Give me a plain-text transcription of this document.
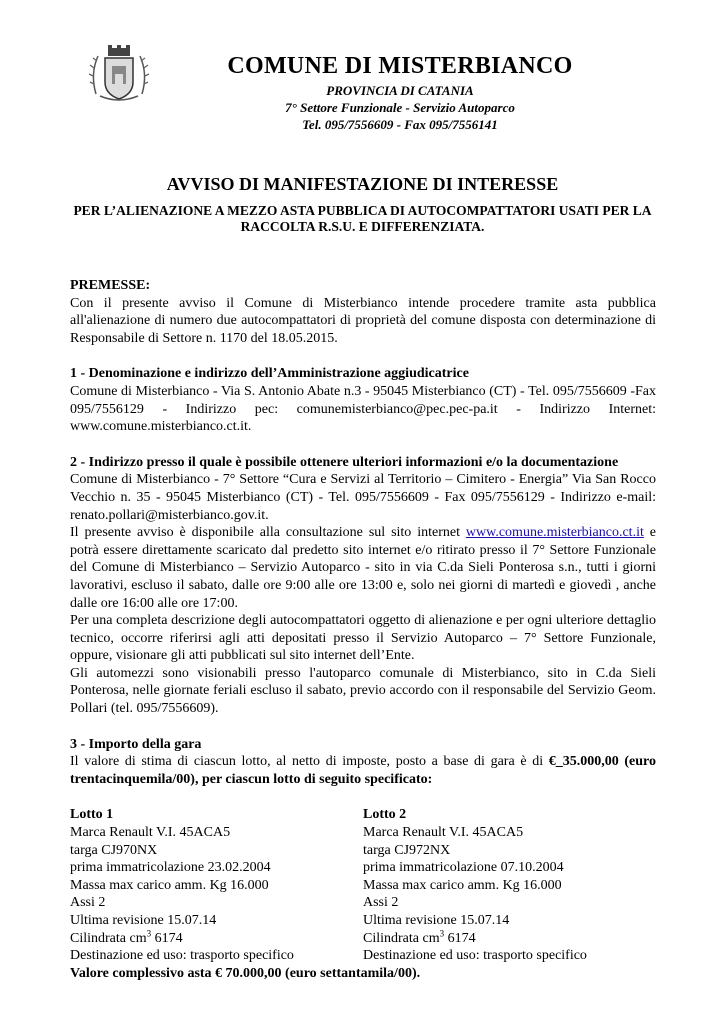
COMUNE DI MISTERBIANCO
PROVINCIA DI CATANIA
7° Settore Funzionale - Servizio Autoparco
Tel. 095/7556609 - Fax 095/7556141
AVVISO DI MANIFESTAZIONE DI INTERESSE
PER L’ALIENAZIONE A MEZZO ASTA PUBBLICA DI AUTOCOMPATTATORI USATI PER LA RACCOLTA R.S.U. E DIFFERENZIATA.

PREMESSE:

Con il presente avviso il Comune di Misterbianco intende procedere tramite asta pubblica all'alienazione di numero due autocompattatori di proprietà del comune disposta con determinazione di Responsabile di Settore n. 1170 del 18.05.2015.

1 - Denominazione e indirizzo dell’Amministrazione aggiudicatrice

Comune di Misterbianco - Via S. Antonio Abate n.3 - 95045 Misterbianco (CT) - Tel. 095/7556609 -Fax 095/7556129 - Indirizzo pec: comunemisterbianco@pec.pec-pa.it - Indirizzo Internet: www.comune.misterbianco.ct.it.

2 - Indirizzo presso il quale è possibile ottenere ulteriori informazioni e/o la documentazione

Comune di Misterbianco - 7° Settore “Cura e Servizi al Territorio – Cimitero - Energia” Via San Rocco Vecchio n. 35 - 95045 Misterbianco (CT) - Tel. 095/7556609 - Fax 095/7556129 - Indirizzo e-mail: renato.pollari@misterbianco.gov.it.

Il presente avviso è disponibile alla consultazione sul sito internet www.comune.misterbianco.ct.it e potrà essere direttamente scaricato dal predetto sito internet e/o ritirato presso il 7° Settore Funzionale del Comune di Misterbianco – Servizio Autoparco - sito in via C.da Sieli Ponterosa s.n., tutti i giorni lavorativi, escluso il sabato, dalle ore 9:00 alle ore 13:00 e, solo nei giorni di martedì e giovedì , anche dalle ore 16:00 alle ore 17:00.

Per una completa descrizione degli autocompattatori oggetto di alienazione e per ogni ulteriore dettaglio tecnico, occorre riferirsi agli atti depositati presso il Servizio Autoparco – 7° Settore Funzionale, oppure, visionare gli atti pubblicati sul sito internet dell’Ente.

Gli automezzi sono visionabili presso l'autoparco comunale di Misterbianco, sito in C.da Sieli Ponterosa, nelle giornate feriali escluso il sabato, previo accordo con il responsabile del Servizio Geom. Pollari (tel. 095/7556609).

3 - Importo della gara

Il valore di stima di ciascun lotto, al netto di imposte, posto a base di gara è di €_35.000,00 (euro trentacinquemila/00), per ciascun lotto di seguito specificato:

Lotto 1
Marca Renault V.I. 45ACA5
targa CJ970NX
prima immatricolazione 23.02.2004
Massa max carico amm. Kg 16.000
Assi 2
Ultima revisione 15.07.14
Cilindrata $cm^3$ 6174
Destinazione ed uso: trasporto specifico
Lotto 2
Marca Renault V.I. 45ACA5
targa CJ972NX
prima immatricolazione 07.10.2004
Massa max carico amm. Kg 16.000
Assi 2
Ultima revisione 15.07.14
Cilindrata $cm^3$ 6174
Destinazione ed uso: trasporto specifico

Valore complessivo asta € 70.000,00 (euro settantamila/00).
